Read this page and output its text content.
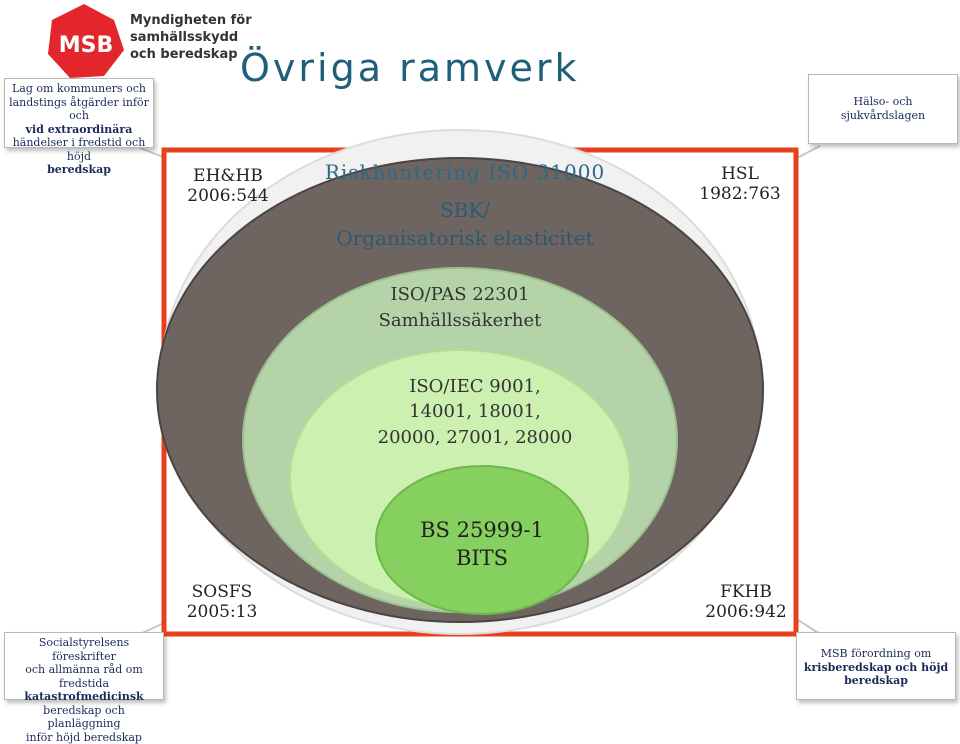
MSB
Myndigheten för
samhällsskydd
och beredskap Övriga ramverk
Riskhantering ISO 31000
SBK/
Organisatorisk elasticitet
ISO/PAS 22301
Samhällssäkerhet
ISO/IEC 9001,
14001, 18001,
20000, 27001, 28000
BS 25999-1
BITS
EH&HB
2006:544
HSL
1982:763
SOSFS
2005:13
FKHB
2006:942
Lag om kommuners och
landstings åtgärder inför och
vid extraordinära
händelser i fredstid och höjd
beredskap
Hälso- och
sjukvårdslagen
Socialstyrelsens föreskrifter
och allmänna råd om fredstida
katastrofmedicinsk
beredskap och planläggning
inför höjd beredskap
MSB förordning om
krisberedskap och höjd
beredskap
